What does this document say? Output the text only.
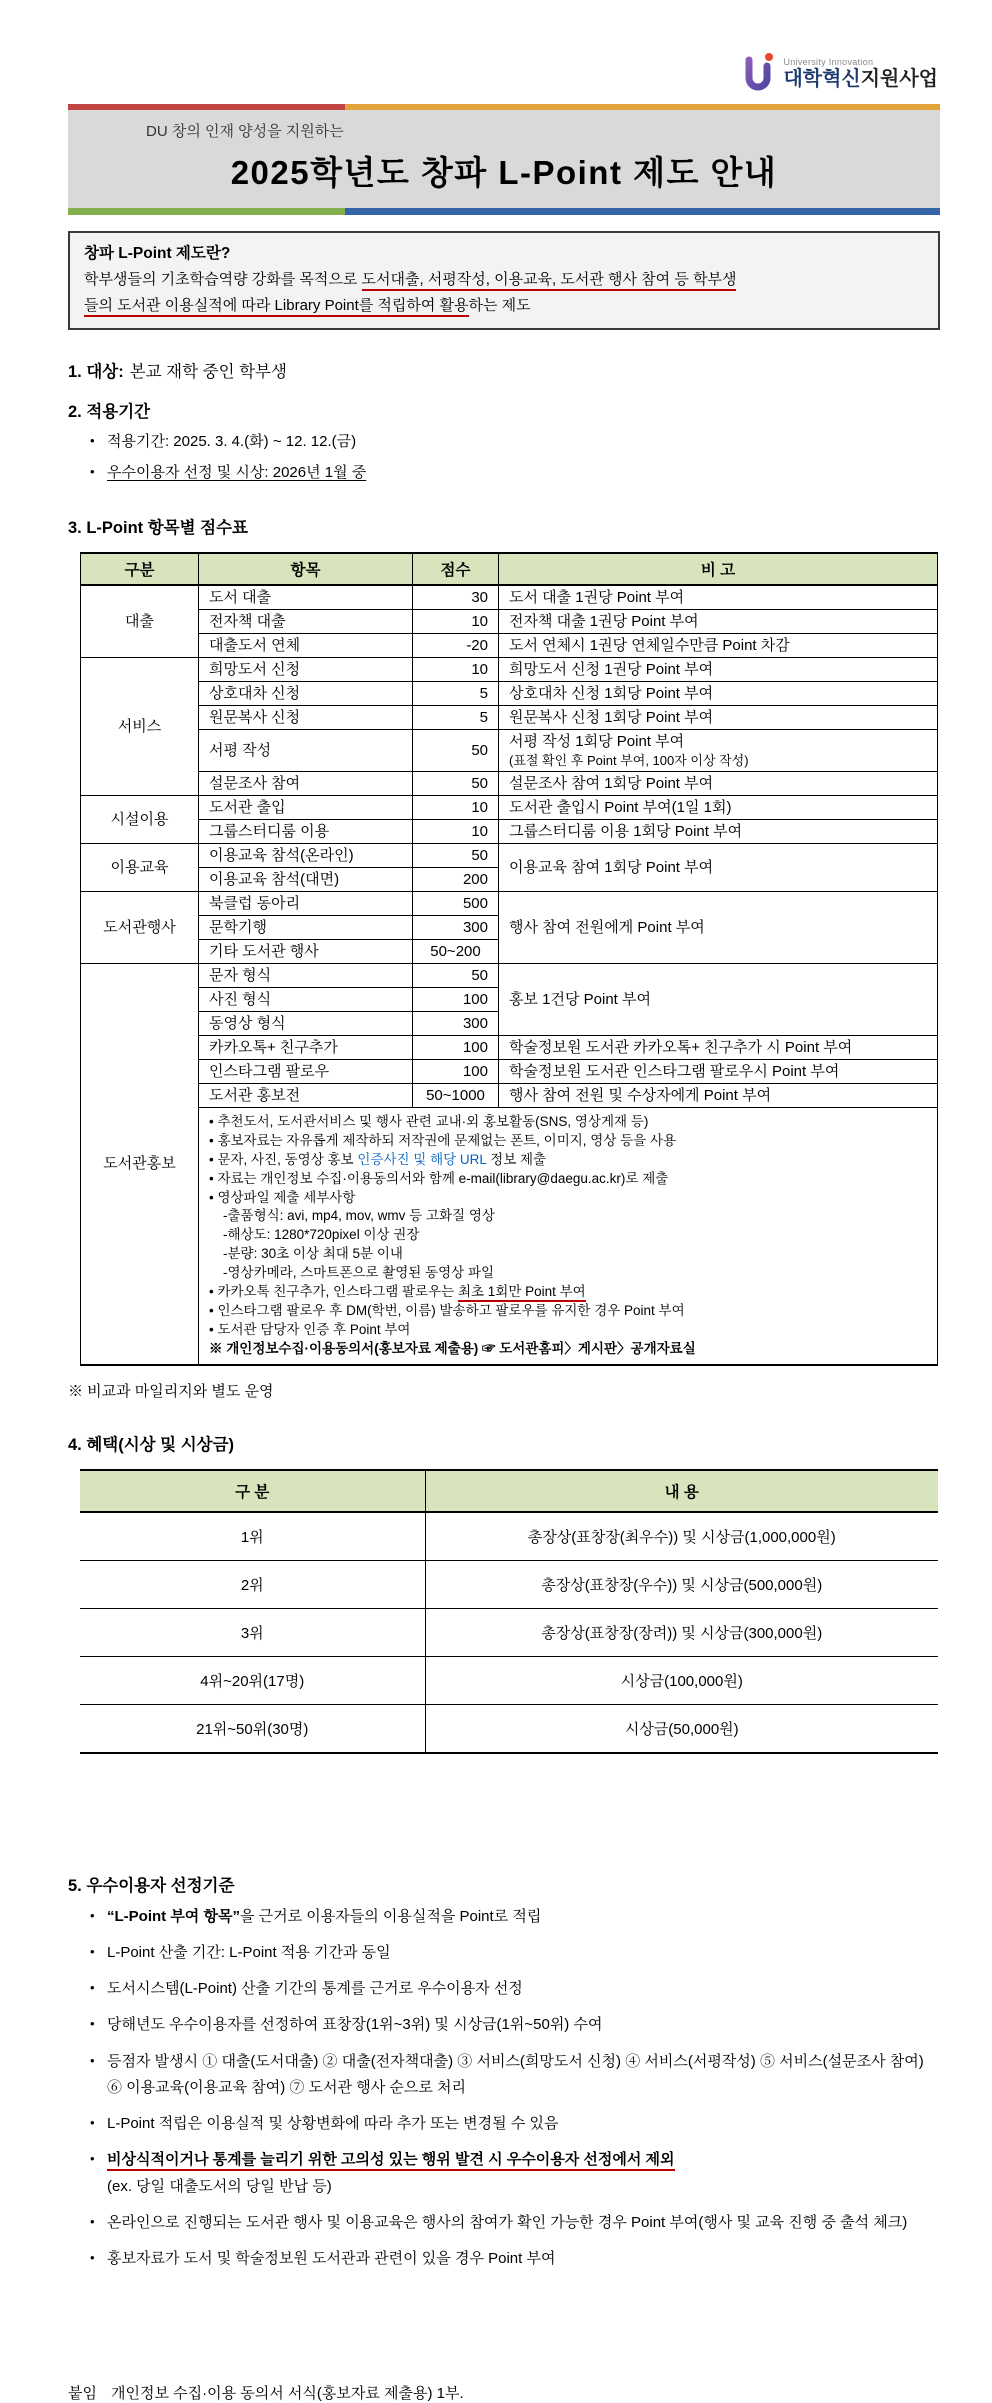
University Innovation
대학혁신지원사업
DU 창의 인재 양성을 지원하는
2025학년도 창파 L-Point 제도 안내
창파 L-Point 제도란?
학부생들의 기초학습역량 강화를 목적으로 도서대출, 서평작성, 이용교육, 도서관 행사 참여 등 학부생
들의 도서관 이용실적에 따라 Library Point를 적립하여 활용하는 제도
1. 대상: 본교 재학 중인 학부생
2. 적용기간
• 적용기간: 2025. 3. 4.(화) ~ 12. 12.(금)
• 우수이용자 선정 및 시상: 2026년 1월 중
3. L-Point 항목별 점수표
구분	항목	점수	비 고
대출	도서 대출	30	도서 대출 1권당 Point 부여
	전자책 대출	10	전자책 대출 1권당 Point 부여
	대출도서 연체	-20	도서 연체시 1권당 연체일수만큼 Point 차감
서비스	희망도서 신청	10	희망도서 신청 1권당 Point 부여
	상호대차 신청	5	상호대차 신청 1회당 Point 부여
	원문복사 신청	5	원문복사 신청 1회당 Point 부여
	서평 작성	50	서평 작성 1회당 Point 부여
(표절 확인 후 Point 부여, 100자 이상 작성)

	설문조사 참여	50	설문조사 참여 1회당 Point 부여
시설이용	도서관 출입	10	도서관 출입시 Point 부여(1일 1회)
	그룹스터디룸 이용	10	그룹스터디룸 이용 1회당 Point 부여
이용교육	이용교육 참석(온라인)	50	이용교육 참여 1회당 Point 부여
	이용교육 참석(대면)	200	
도서관행사	북클럽 동아리	500	행사 참여 전원에게 Point 부여
	문학기행	300	
	기타 도서관 행사	50~200	
도서관홍보	문자 형식	50	홍보 1건당 Point 부여
	사진 형식	100	
	동영상 형식	300	
	카카오톡+ 친구추가	100	학술정보원 도서관 카카오톡+ 친구추가 시 Point 부여
	인스타그램 팔로우	100	학술정보원 도서관 인스타그램 팔로우시 Point 부여
	도서관 홍보전	50~1000	행사 참여 전원 및 수상자에게 Point 부여

• 추천도서, 도서관서비스 및 행사 관련 교내·외 홍보활동(SNS, 영상게재 등)
• 홍보자료는 자유롭게 제작하되 저작권에 문제없는 폰트, 이미지, 영상 등을 사용
• 문자, 사진, 동영상 홍보 인증사진 및 해당 URL 정보 제출
• 자료는 개인정보 수집·이용동의서와 함께 e-mail(library@daegu.ac.kr)로 제출
• 영상파일 제출 세부사항
-출품형식: avi, mp4, mov, wmv 등 고화질 영상
-해상도: 1280*720pixel 이상 권장
-분량: 30초 이상 최대 5분 이내
-영상카메라, 스마트폰으로 촬영된 동영상 파일
• 카카오톡 친구추가, 인스타그램 팔로우는 최초 1회만 Point 부여
• 인스타그램 팔로우 후 DM(학번, 이름) 발송하고 팔로우를 유지한 경우 Point 부여
• 도서관 담당자 인증 후 Point 부여
※ 개인정보수집·이용동의서(홍보자료 제출용) ☞ 도서관홈피〉게시판〉공개자료실
※ 비교과 마일리지와 별도 운영
4. 혜택(시상 및 시상금)
구 분	내 용
1위	총장상(표창장(최우수)) 및 시상금(1,000,000원)
2위	총장상(표창장(우수)) 및 시상금(500,000원)
3위	총장상(표창장(장려)) 및 시상금(300,000원)
4위~20위(17명)	시상금(100,000원)
21위~50위(30명)	시상금(50,000원)
5. 우수이용자 선정기준
• “L-Point 부여 항목”을 근거로 이용자들의 이용실적을 Point로 적립
• L-Point 산출 기간: L-Point 적용 기간과 동일
• 도서시스템(L-Point) 산출 기간의 통계를 근거로 우수이용자 선정
• 당해년도 우수이용자를 선정하여 표창장(1위~3위) 및 시상금(1위~50위) 수여
• 등점자 발생시 ① 대출(도서대출) ② 대출(전자책대출) ③ 서비스(희망도서 신청) ④ 서비스(서평작성) ⑤ 서비스(설문조사 참여) ⑥ 이용교육(이용교육 참여) ⑦ 도서관 행사 순으로 처리
• L-Point 적립은 이용실적 및 상황변화에 따라 추가 또는 변경될 수 있음
• 비상식적이거나 통계를 늘리기 위한 고의성 있는 행위 발견 시 우수이용자 선정에서 제외
(ex. 당일 대출도서의 당일 반납 등)
• 온라인으로 진행되는 도서관 행사 및 이용교육은 행사의 참여가 확인 가능한 경우 Point 부여(행사 및 교육 진행 중 출석 체크)
• 홍보자료가 도서 및 학술정보원 도서관과 관련이 있을 경우 Point 부여
붙임 개인정보 수집·이용 동의서 서식(홍보자료 제출용) 1부.
